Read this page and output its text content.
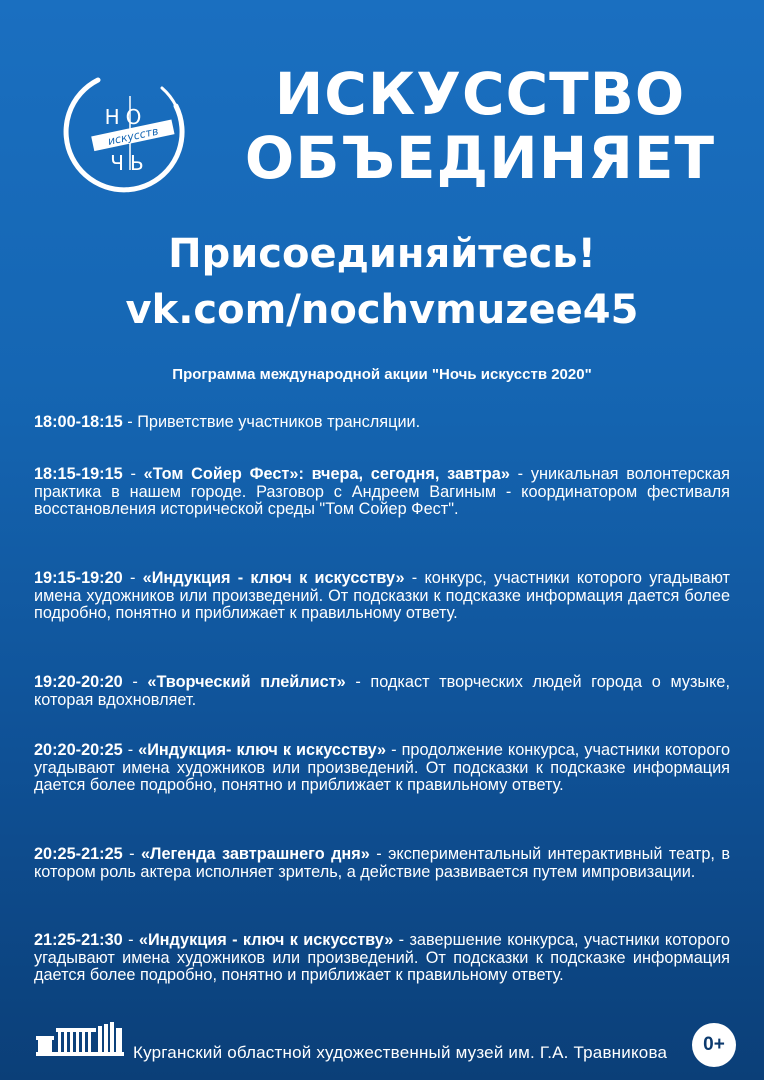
НО
искусств
ЧЬ
ИСКУССТВО
ОБЪЕДИНЯЕТ
Присоединяйтесь!
vk.com/nochvmuzee45
Программа международной акции "Ночь искусств 2020"

18:00-18:15 - Приветствие участников трансляции.

18:15-19:15 - «Том Сойер Фест»: вчера, сегодня, завтра» - уникальная волонтерская практика в нашем городе. Разговор с Андреем Вагиным - координатором фестиваля восстановления исторической среды "Том Сойер Фест".

19:15-19:20 - «Индукция - ключ к искусству» - конкурс, участники которого угадывают имена художников или произведений. От подсказки к подсказке информация дается более подробно, понятно и приближает к правильному ответу.

19:20-20:20 - «Творческий плейлист» - подкаст творческих людей города о музыке, которая вдохновляет.

20:20-20:25 - «Индукция- ключ к искусству» - продолжение конкурса, участники которого угадывают имена художников или произведений. От подсказки к подсказке информация дается более подробно, понятно и приближает к правильному ответу.

20:25-21:25 - «Легенда завтрашнего дня» - экспериментальный интерактивный театр, в котором роль актера исполняет зритель, а действие развивается путем импровизации.

21:25-21:30 - «Индукция - ключ к искусству» - завершение конкурса, участники которого угадывают имена художников или произведений. От подсказки к подсказке информация дается более подробно, понятно и приближает к правильному ответу.

Курганский областной художественный музей им. Г.А. Травникова	0+
